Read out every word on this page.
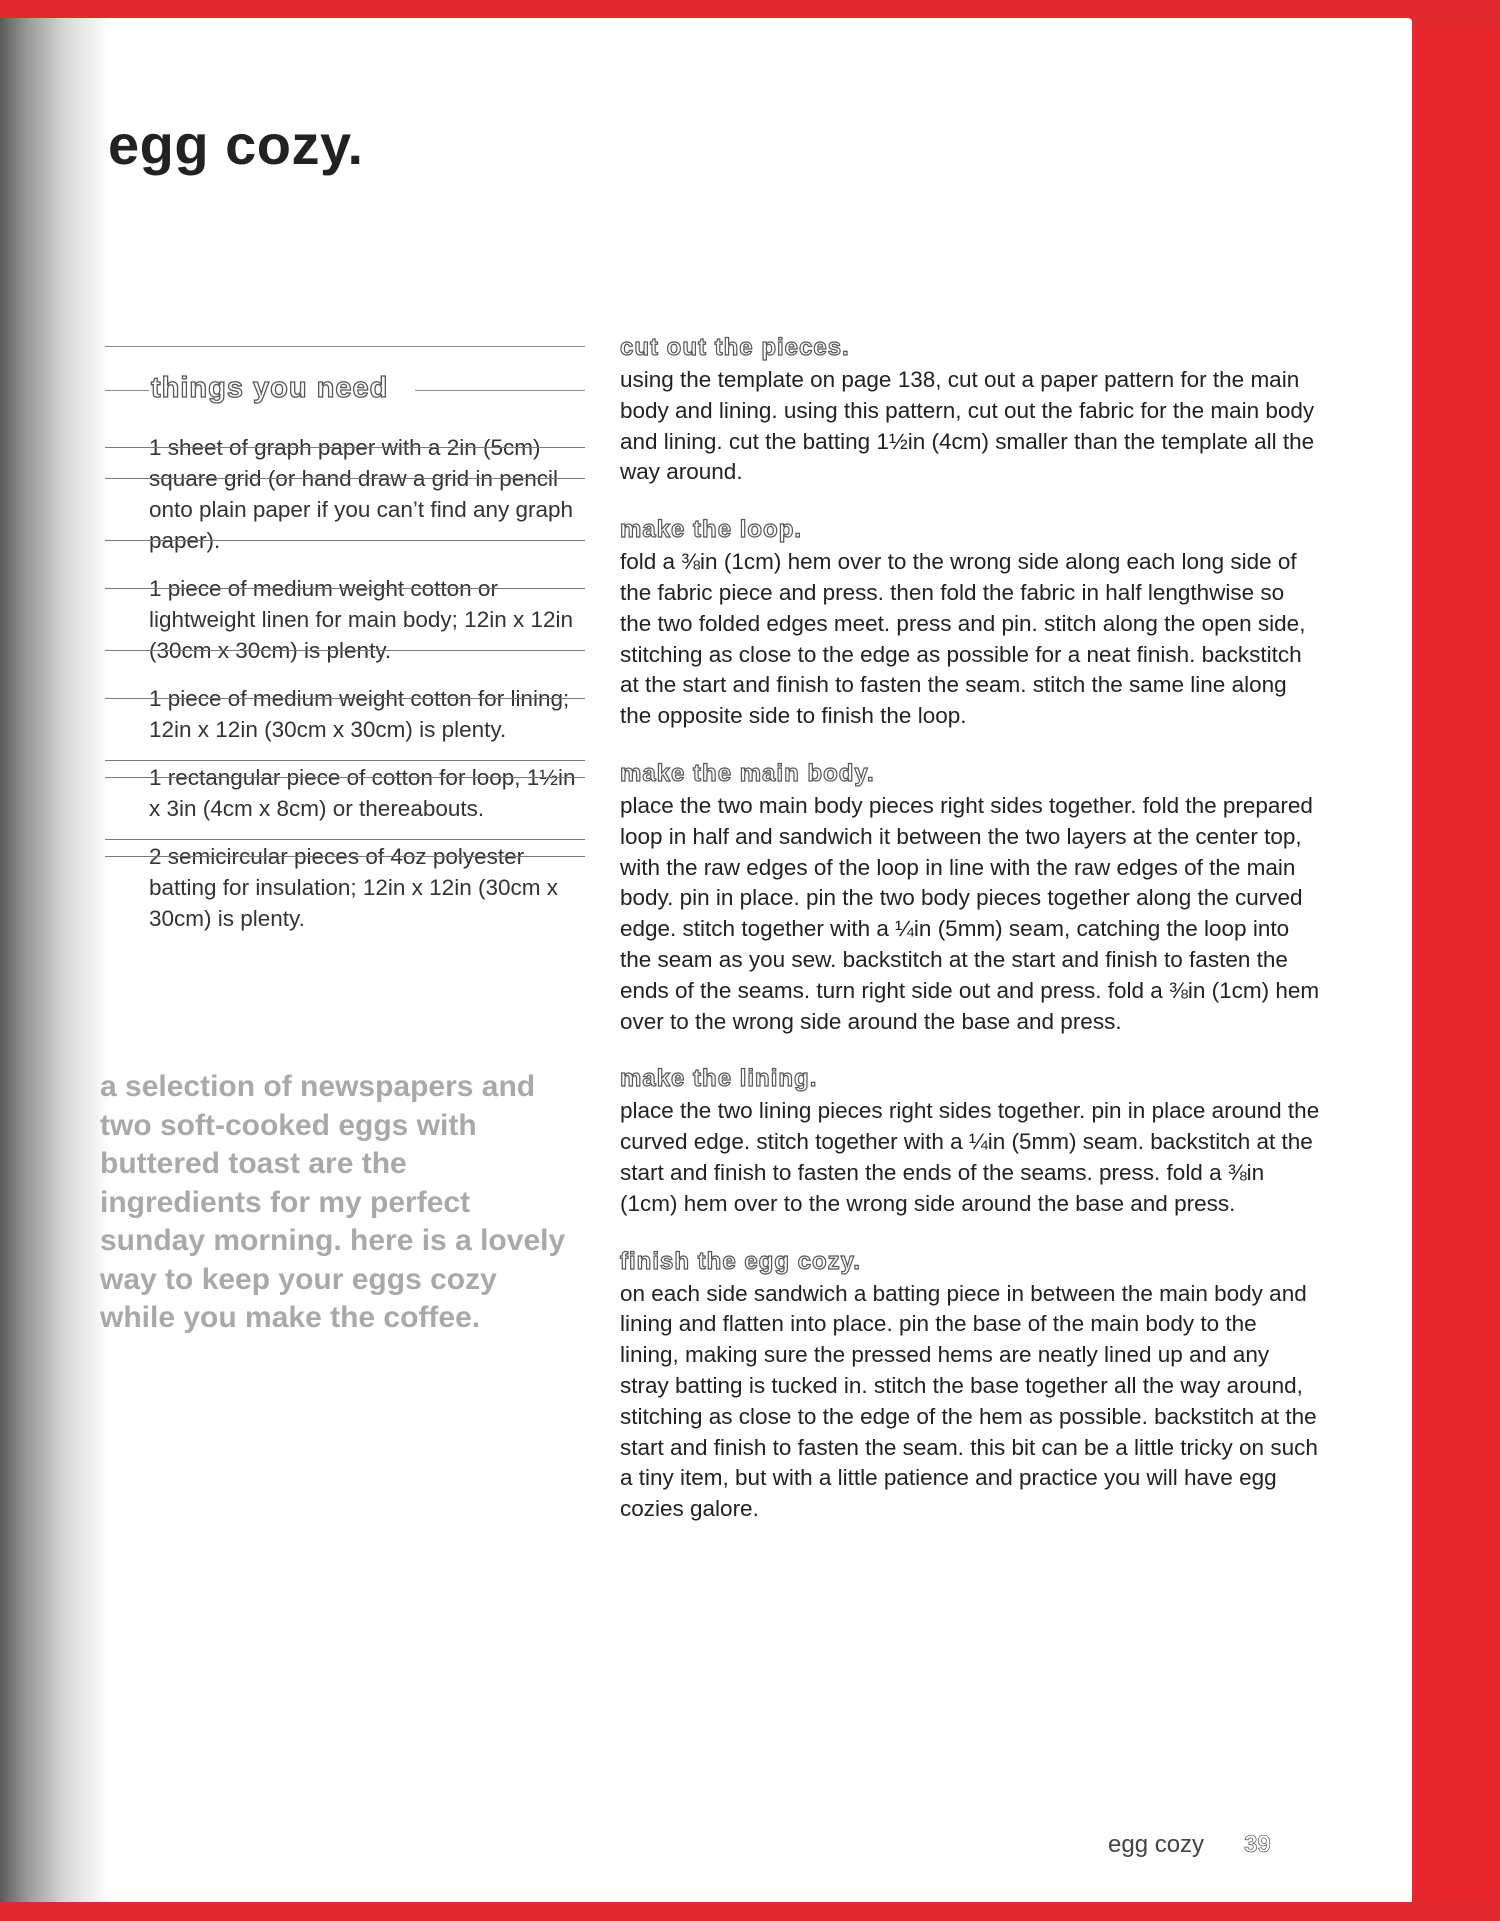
egg cozy.
things you need
1 sheet of graph paper with a 2in (5cm) square grid (or hand draw a grid in pencil onto plain paper if you can’t find any graph paper).
1 piece of medium weight cotton or lightweight linen for main body; 12in x 12in (30cm x 30cm) is plenty.
1 piece of medium weight cotton for lining; 12in x 12in (30cm x 30cm) is plenty.
1 rectangular piece of cotton for loop, 1½in x 3in (4cm x 8cm) or thereabouts.
2 semicircular pieces of 4oz polyester batting for insulation; 12in x 12in (30cm x 30cm) is plenty.

a selection of newspapers and two soft-cooked eggs with buttered toast are the ingredients for my perfect sunday morning. here is a lovely way to keep your eggs cozy while you make the coffee.

cut out the pieces.

using the template on page 138, cut out a paper pattern for the main body and lining. using this pattern, cut out the fabric for the main body and lining. cut the batting 1½in (4cm) smaller than the template all the way around.

make the loop.

fold a ⅜in (1cm) hem over to the wrong side along each long side of the fabric piece and press. then fold the fabric in half lengthwise so the two folded edges meet. press and pin. stitch along the open side, stitching as close to the edge as possible for a neat finish. backstitch at the start and finish to fasten the seam. stitch the same line along the opposite side to finish the loop.

make the main body.

place the two main body pieces right sides together. fold the prepared loop in half and sandwich it between the two layers at the center top, with the raw edges of the loop in line with the raw edges of the main body. pin in place. pin the two body pieces together along the curved edge. stitch together with a ¼in (5mm) seam, catching the loop into the seam as you sew. backstitch at the start and finish to fasten the ends of the seams. turn right side out and press. fold a ⅜in (1cm) hem over to the wrong side around the base and press.

make the lining.

place the two lining pieces right sides together. pin in place around the curved edge. stitch together with a ¼in (5mm) seam. backstitch at the start and finish to fasten the ends of the seams. press. fold a ⅜in (1cm) hem over to the wrong side around the base and press.

finish the egg cozy.

on each side sandwich a batting piece in between the main body and lining and flatten into place. pin the base of the main body to the lining, making sure the pressed hems are neatly lined up and any stray batting is tucked in. stitch the base together all the way around, stitching as close to the edge of the hem as possible. backstitch at the start and finish to fasten the seam. this bit can be a little tricky on such a tiny item, but with a little patience and practice you will have egg cozies galore.

egg cozy 39
